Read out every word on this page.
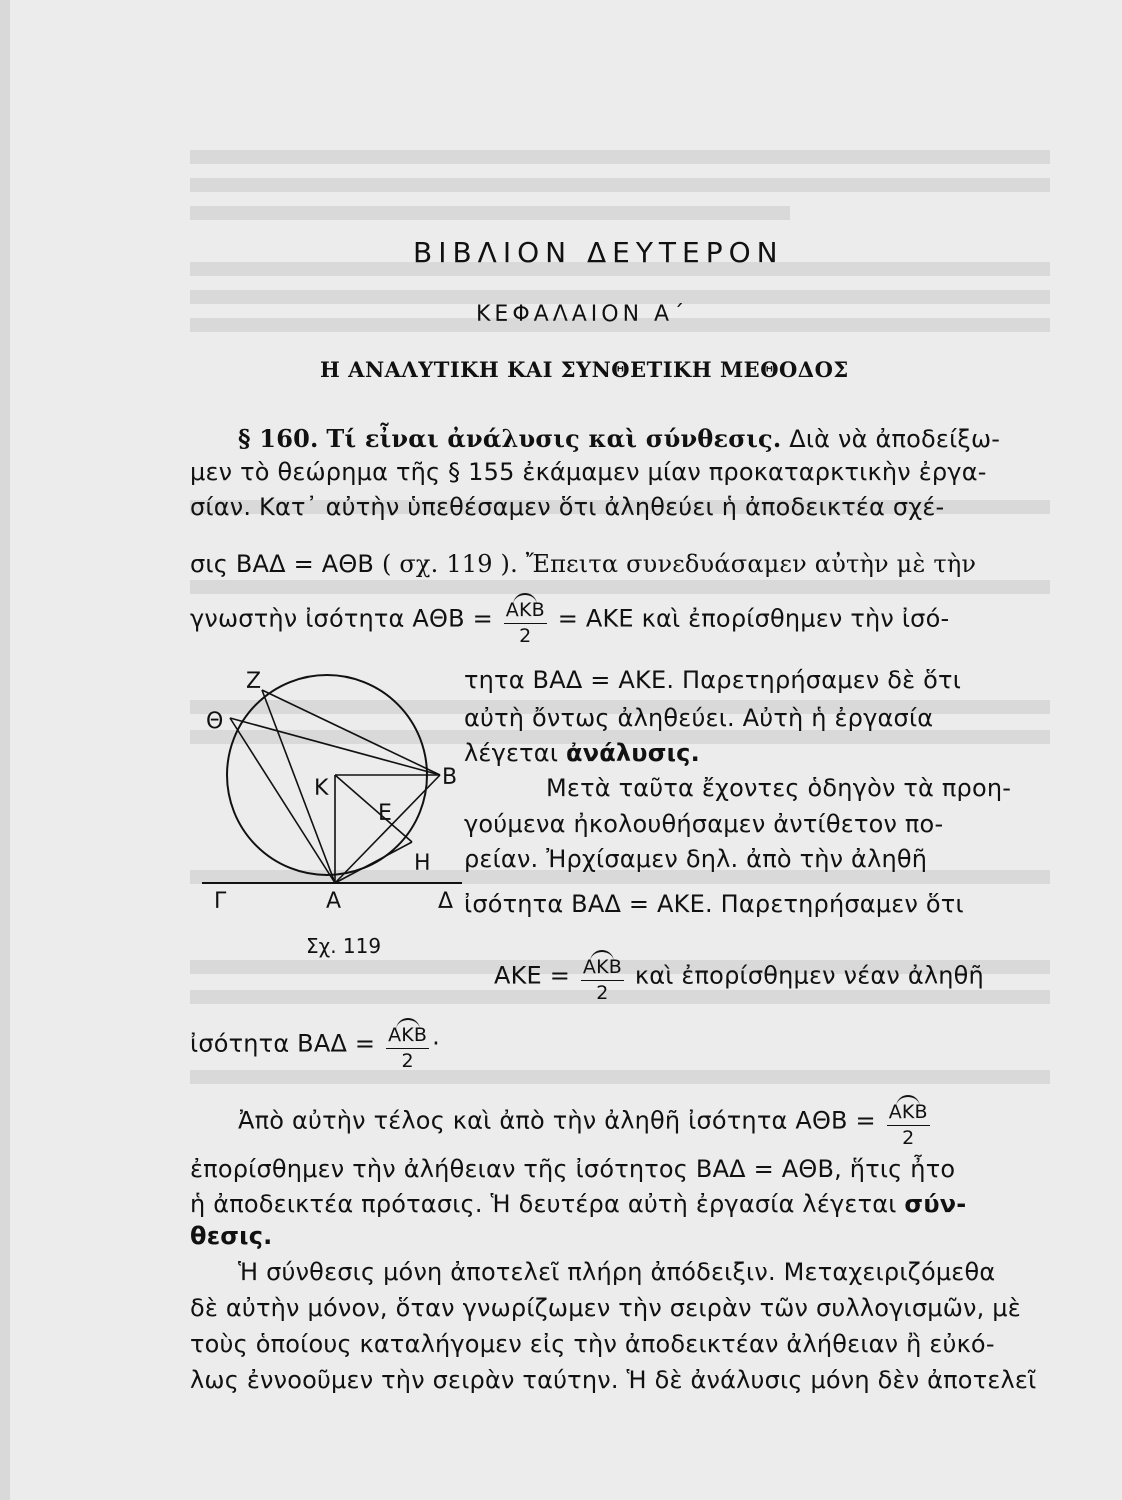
ΒΙΒΛΙΟΝ ΔΕΥΤΕΡΟΝ
ΚΕΦΑΛΑΙΟΝ Α΄
Η ΑΝΑΛΥΤΙΚΗ ΚΑΙ ΣΥΝΘΕΤΙΚΗ ΜΕΘΟΔΟΣ
§ 160. Τί εἶναι ἀνάλυσις καὶ σύνθεσις. Διὰ νὰ ἀποδείξω-
μεν τὸ θεώρημα τῆς § 155 ἐκάμαμεν μίαν προκαταρκτικὴν ἐργα-
σίαν. Κατ᾽ αὐτὴν ὑπεθέσαμεν ὅτι ἀληθεύει ἡ ἀποδεικτέα σχέ-
σις ΒΑΔ = ΑΘΒ ( σχ. 119 ). Ἔπειτα συνεδυάσαμεν αὐτὴν μὲ τὴν
γνωστὴν ἰσότητα $A\Theta B = \frac{\text{ΑΚΒ}}{2} = AKE$ καὶ ἐπορίσθημεν τὴν ἰσό-
Ζ
Θ
Κ	Β
Ε
Η
Γ	Α	Δ
Σχ. 119
τητα ΒΑΔ = ΑΚΕ. Παρετηρήσαμεν δὲ ὅτι
αὐτὴ ὄντως ἀληθεύει. Αὐτὴ ἡ ἐργασία
λέγεται ἀνάλυσις.
Μετὰ ταῦτα ἔχοντες ὁδηγὸν τὰ προη-
γούμενα ἠκολουθήσαμεν ἀντίθετον πο-
ρείαν. Ἠρχίσαμεν δηλ. ἀπὸ τὴν ἀληθῆ
ἰσότητα ΒΑΔ = ΑΚΕ. Παρετηρήσαμεν ὅτι
$AKE = \frac{\text{ΑΚΒ}}{2}$ καὶ ἐπορίσθημεν νέαν ἀληθῆ
ἰσότητα $BA\Delta = \frac{\text{ΑΚΒ}}{2}$ ·
Ἀπὸ αὐτὴν τέλος καὶ ἀπὸ τὴν ἀληθῆ ἰσότητα $A\Theta B = \frac{\text{ΑΚΒ}}{2}$
ἐπορίσθημεν τὴν ἀλήθειαν τῆς ἰσότητος ΒΑΔ = ΑΘΒ, ἥτις ἦτο
ἡ ἀποδεικτέα πρότασις. Ἡ δευτέρα αὐτὴ ἐργασία λέγεται σύν-
θεσις.
Ἡ σύνθεσις μόνη ἀποτελεῖ πλήρη ἀπόδειξιν. Μεταχειριζόμεθα
δὲ αὐτὴν μόνον, ὅταν γνωρίζωμεν τὴν σειρὰν τῶν συλλογισμῶν, μὲ
τοὺς ὁποίους καταλήγομεν εἰς τὴν ἀποδεικτέαν ἀλήθειαν ἢ εὐκό-
λως ἐννοοῦμεν τὴν σειρὰν ταύτην. Ἡ δὲ ἀνάλυσις μόνη δὲν ἀποτελεῖ
